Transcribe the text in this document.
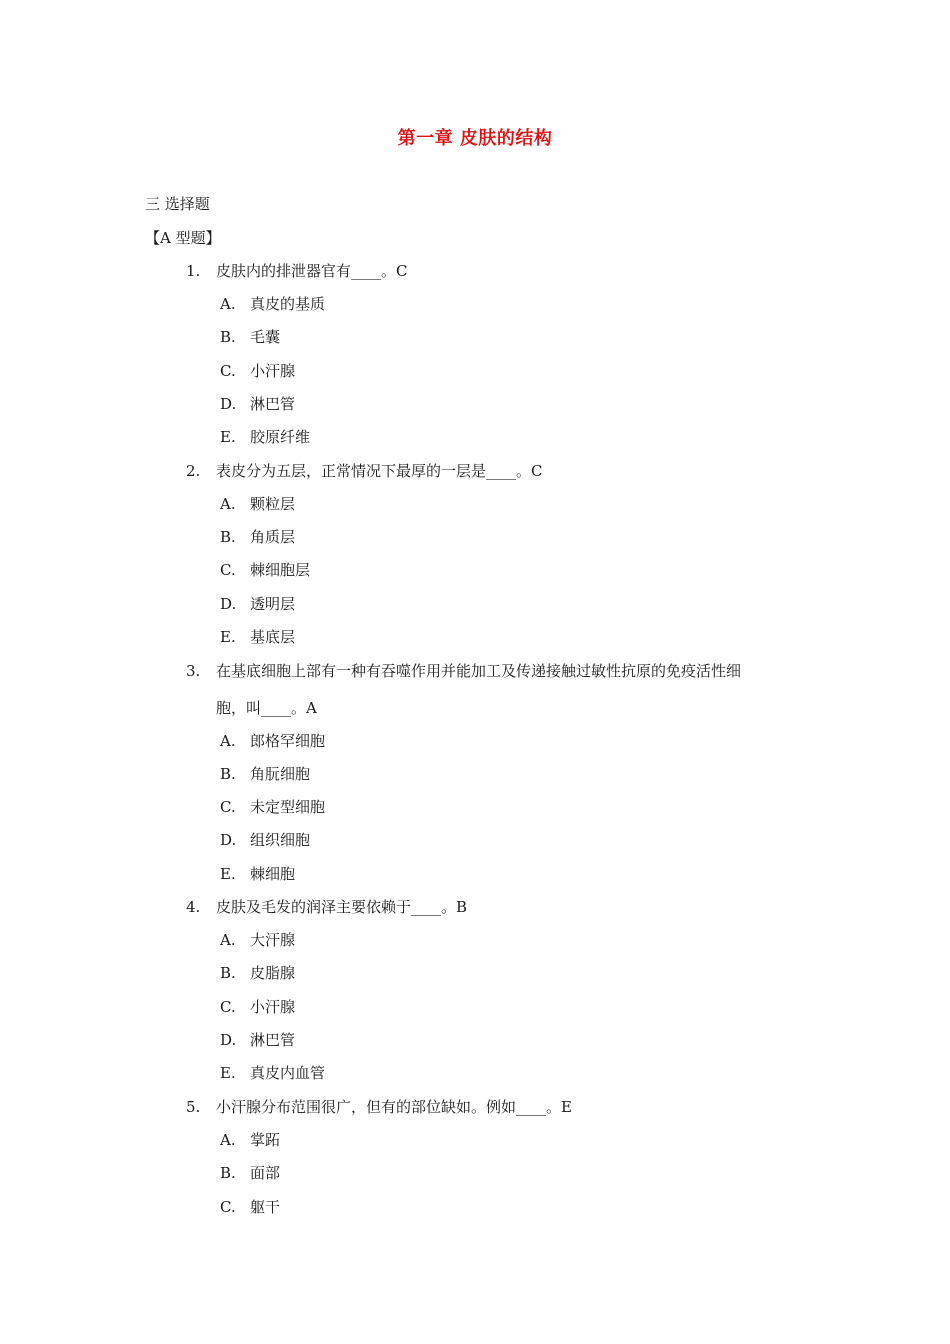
第一章 皮肤的结构
三 选择题
【A 型题】
1. 皮肤内的排泄器官有____。C
A. 真皮的基质
B. 毛囊
C. 小汗腺
D. 淋巴管
E. 胶原纤维
2. 表皮分为五层，正常情况下最厚的一层是____。C
A. 颗粒层
B. 角质层
C. 棘细胞层
D. 透明层
E. 基底层
3. 在基底细胞上部有一种有吞噬作用并能加工及传递接触过敏性抗原的免疫活性细
胞，叫____。A
A. 郎格罕细胞
B. 角朊细胞
C. 未定型细胞
D. 组织细胞
E. 棘细胞
4. 皮肤及毛发的润泽主要依赖于____。B
A. 大汗腺
B. 皮脂腺
C. 小汗腺
D. 淋巴管
E. 真皮内血管
5. 小汗腺分布范围很广，但有的部位缺如。例如____。E
A. 掌跖
B. 面部
C. 躯干
